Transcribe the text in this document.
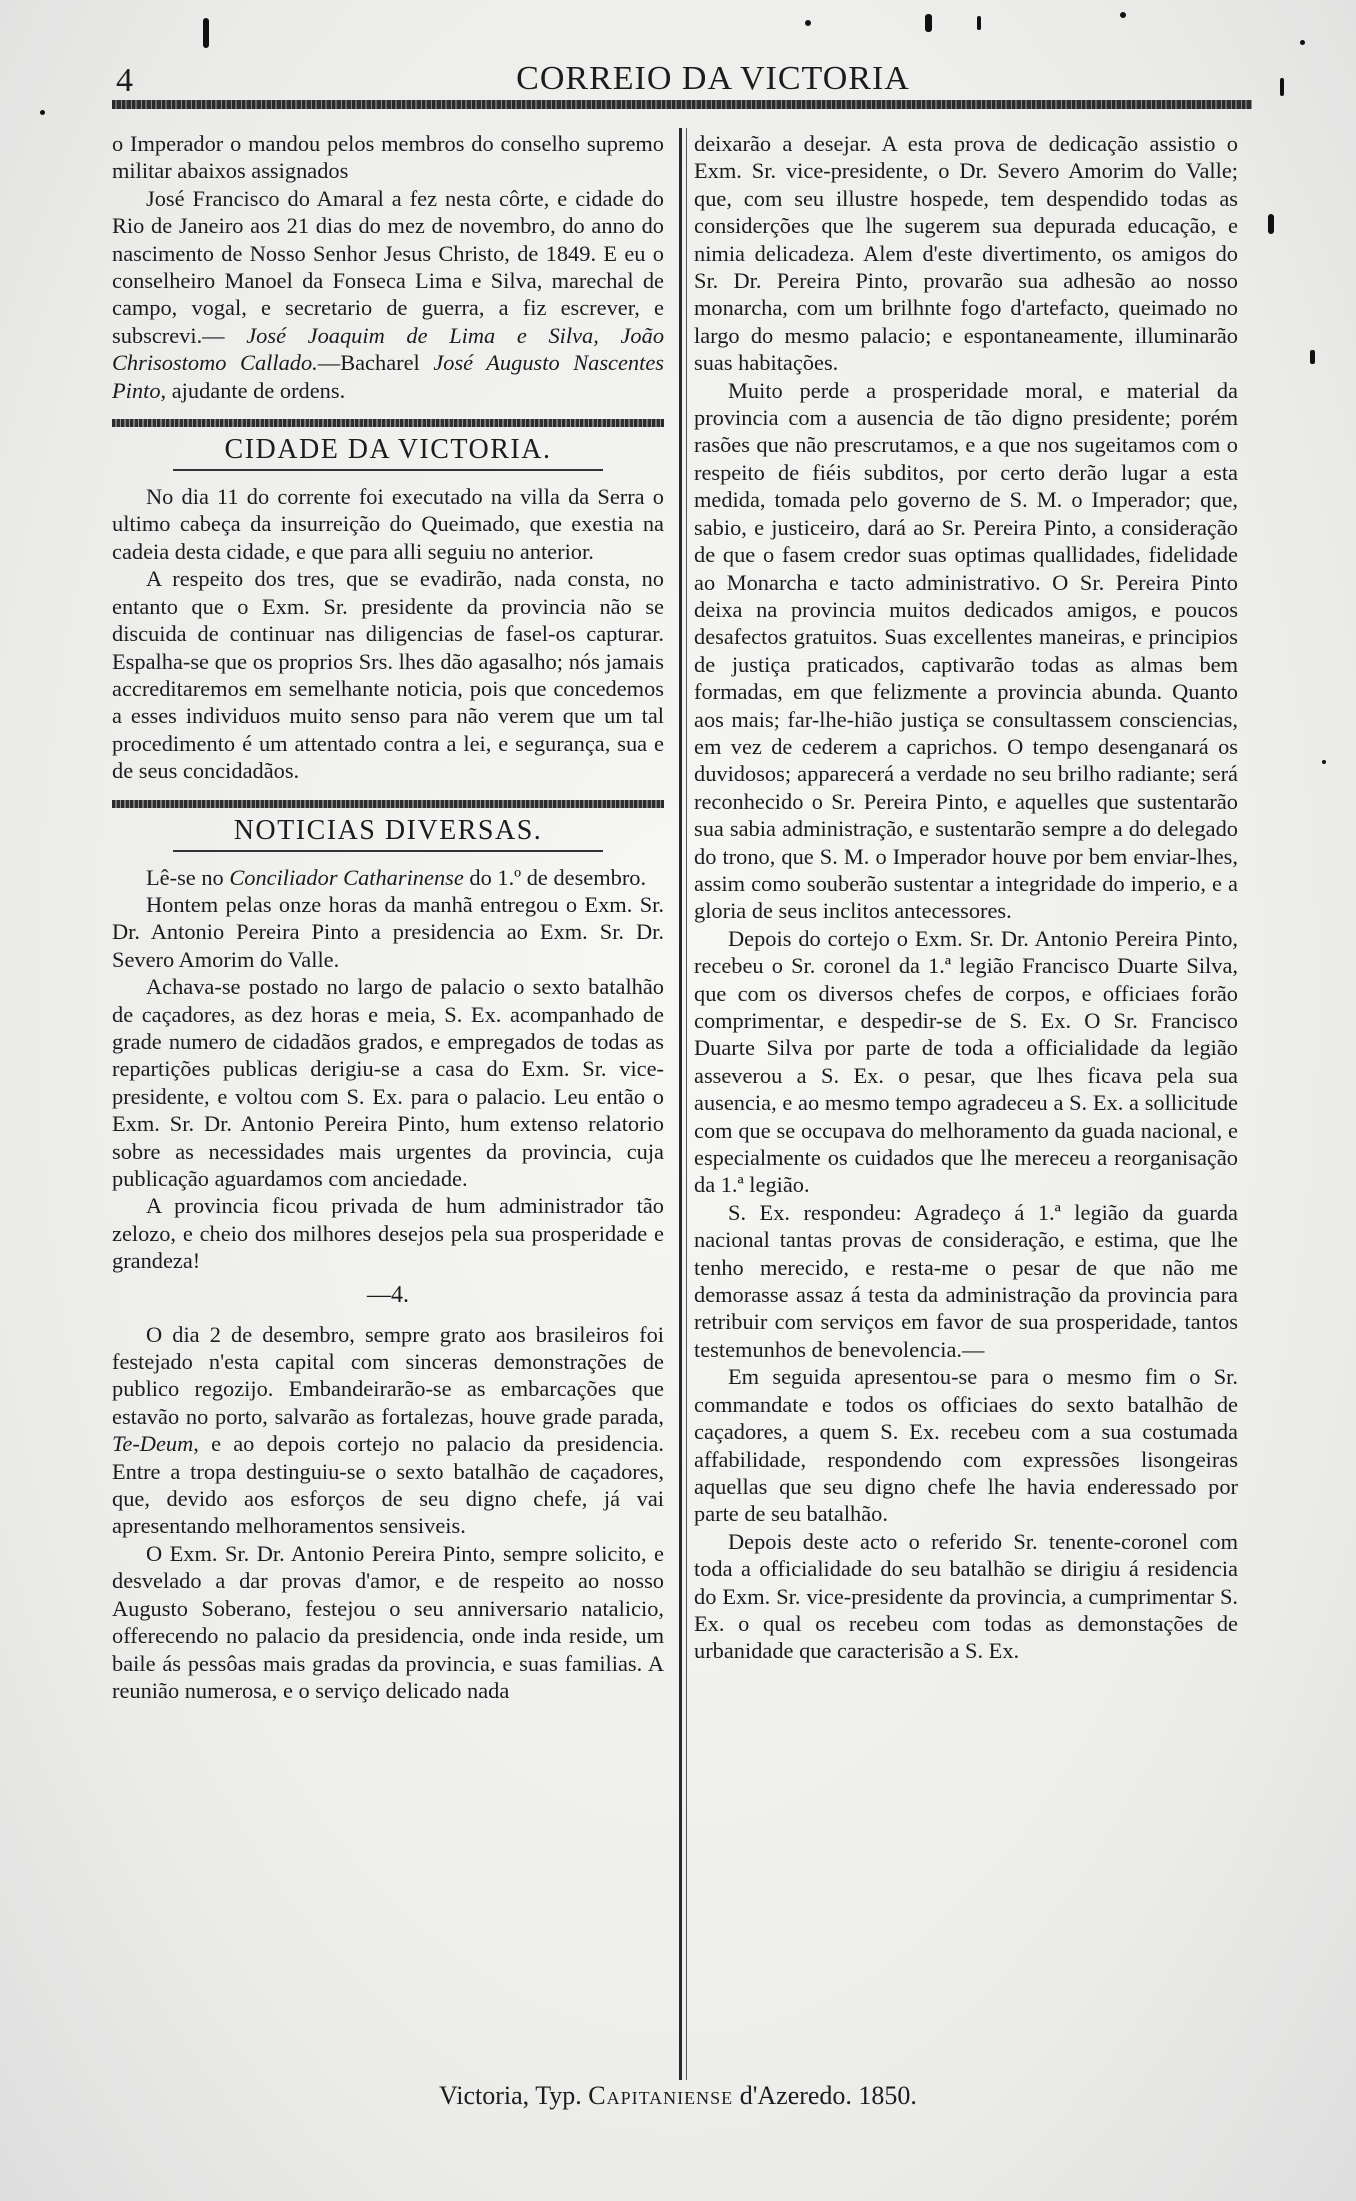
4	CORREIO DA VICTORIA

o Imperador o mandou pelos membros do conselho supremo militar abaixos assignados

José Francisco do Amaral a fez nesta côrte, e cidade do Rio de Janeiro aos 21 dias do mez de novembro, do anno do nascimento de Nosso Senhor Jesus Christo, de 1849. E eu o conselheiro Manoel da Fonseca Lima e Silva, marechal de campo, vogal, e secretario de guerra, a fiz escrever, e subscrevi.— José Joaquim de Lima e Silva, João Chrisostomo Callado.—Bacharel José Augusto Nascentes Pinto, ajudante de ordens.

CIDADE DA VICTORIA.

No dia 11 do corrente foi executado na villa da Serra o ultimo cabeça da insurreição do Queimado, que exestia na cadeia desta cidade, e que para alli seguiu no anterior.

A respeito dos tres, que se evadirão, nada consta, no entanto que o Exm. Sr. presidente da provincia não se discuida de continuar nas diligencias de fasel-os capturar. Espalha-se que os proprios Srs. lhes dão agasalho; nós jamais accreditaremos em semelhante noticia, pois que concedemos a esses individuos muito senso para não verem que um tal procedimento é um attentado contra a lei, e segurança, sua e de seus concidadãos.

NOTICIAS DIVERSAS.

Lê-se no Conciliador Catharinense do 1.º de desembro.

Hontem pelas onze horas da manhã entregou o Exm. Sr. Dr. Antonio Pereira Pinto a presidencia ao Exm. Sr. Dr. Severo Amorim do Valle.

Achava-se postado no largo de palacio o sexto batalhão de caçadores, as dez horas e meia, S. Ex. acompanhado de grade numero de cidadãos grados, e empregados de todas as repartições publicas derigiu-se a casa do Exm. Sr. vice-presidente, e voltou com S. Ex. para o palacio. Leu então o Exm. Sr. Dr. Antonio Pereira Pinto, hum extenso relatorio sobre as necessidades mais urgentes da provincia, cuja publicação aguardamos com anciedade.

A provincia ficou privada de hum administrador tão zelozo, e cheio dos milhores desejos pela sua prosperidade e grandeza!

—4.

O dia 2 de desembro, sempre grato aos brasileiros foi festejado n'esta capital com sinceras demonstrações de publico regozijo. Embandeirarão-se as embarcações que estavão no porto, salvarão as fortalezas, houve grade parada, Te-Deum, e ao depois cortejo no palacio da presidencia. Entre a tropa destinguiu-se o sexto batalhão de caçadores, que, devido aos esforços de seu digno chefe, já vai apresentando melhoramentos sensiveis.

O Exm. Sr. Dr. Antonio Pereira Pinto, sempre solicito, e desvelado a dar provas d'amor, e de respeito ao nosso Augusto Soberano, festejou o seu anniversario natalicio, offerecendo no palacio da presidencia, onde inda reside, um baile ás pessôas mais gradas da provincia, e suas familias. A reunião numerosa, e o serviço delicado nada

deixarão a desejar. A esta prova de dedicação assistio o Exm. Sr. vice-presidente, o Dr. Severo Amorim do Valle; que, com seu illustre hospede, tem despendido todas as considerções que lhe sugerem sua depurada educação, e nimia delicadeza. Alem d'este divertimento, os amigos do Sr. Dr. Pereira Pinto, provarão sua adhesão ao nosso monarcha, com um brilhnte fogo d'artefacto, queimado no largo do mesmo palacio; e espontaneamente, illuminarão suas habitações.

Muito perde a prosperidade moral, e material da provincia com a ausencia de tão digno presidente; porém rasões que não prescrutamos, e a que nos sugeitamos com o respeito de fiéis subditos, por certo derão lugar a esta medida, tomada pelo governo de S. M. o Imperador; que, sabio, e justiceiro, dará ao Sr. Pereira Pinto, a consideração de que o fasem credor suas optimas quallidades, fidelidade ao Monarcha e tacto administrativo. O Sr. Pereira Pinto deixa na provincia muitos dedicados amigos, e poucos desafectos gratuitos. Suas excellentes maneiras, e principios de justiça praticados, captivarão todas as almas bem formadas, em que felizmente a provincia abunda. Quanto aos mais; far-lhe-hião justiça se consultassem consciencias, em vez de cederem a caprichos. O tempo desenganará os duvidosos; apparecerá a verdade no seu brilho radiante; será reconhecido o Sr. Pereira Pinto, e aquelles que sustentarão sua sabia administração, e sustentarão sempre a do delegado do trono, que S. M. o Imperador houve por bem enviar-lhes, assim como souberão sustentar a integridade do imperio, e a gloria de seus inclitos antecessores.

Depois do cortejo o Exm. Sr. Dr. Antonio Pereira Pinto, recebeu o Sr. coronel da 1.ª legião Francisco Duarte Silva, que com os diversos chefes de corpos, e officiaes forão comprimentar, e despedir-se de S. Ex. O Sr. Francisco Duarte Silva por parte de toda a officialidade da legião asseverou a S. Ex. o pesar, que lhes ficava pela sua ausencia, e ao mesmo tempo agradeceu a S. Ex. a sollicitude com que se occupava do melhoramento da guada nacional, e especialmente os cuidados que lhe mereceu a reorganisação da 1.ª legião.

S. Ex. respondeu: Agradeço á 1.ª legião da guarda nacional tantas provas de consideração, e estima, que lhe tenho merecido, e resta-me o pesar de que não me demorasse assaz á testa da administração da provincia para retribuir com serviços em favor de sua prosperidade, tantos testemunhos de benevolencia.—

Em seguida apresentou-se para o mesmo fim o Sr. commandate e todos os officiaes do sexto batalhão de caçadores, a quem S. Ex. recebeu com a sua costumada affabilidade, respondendo com expressões lisongeiras aquellas que seu digno chefe lhe havia enderessado por parte de seu batalhão.

Depois deste acto o referido Sr. tenente-coronel com toda a officialidade do seu batalhão se dirigiu á residencia do Exm. Sr. vice-presidente da provincia, a cumprimentar S. Ex. o qual os recebeu com todas as demonstações de urbanidade que caracterisão a S. Ex.

Victoria, Typ. Capitaniense d'Azeredo. 1850.
